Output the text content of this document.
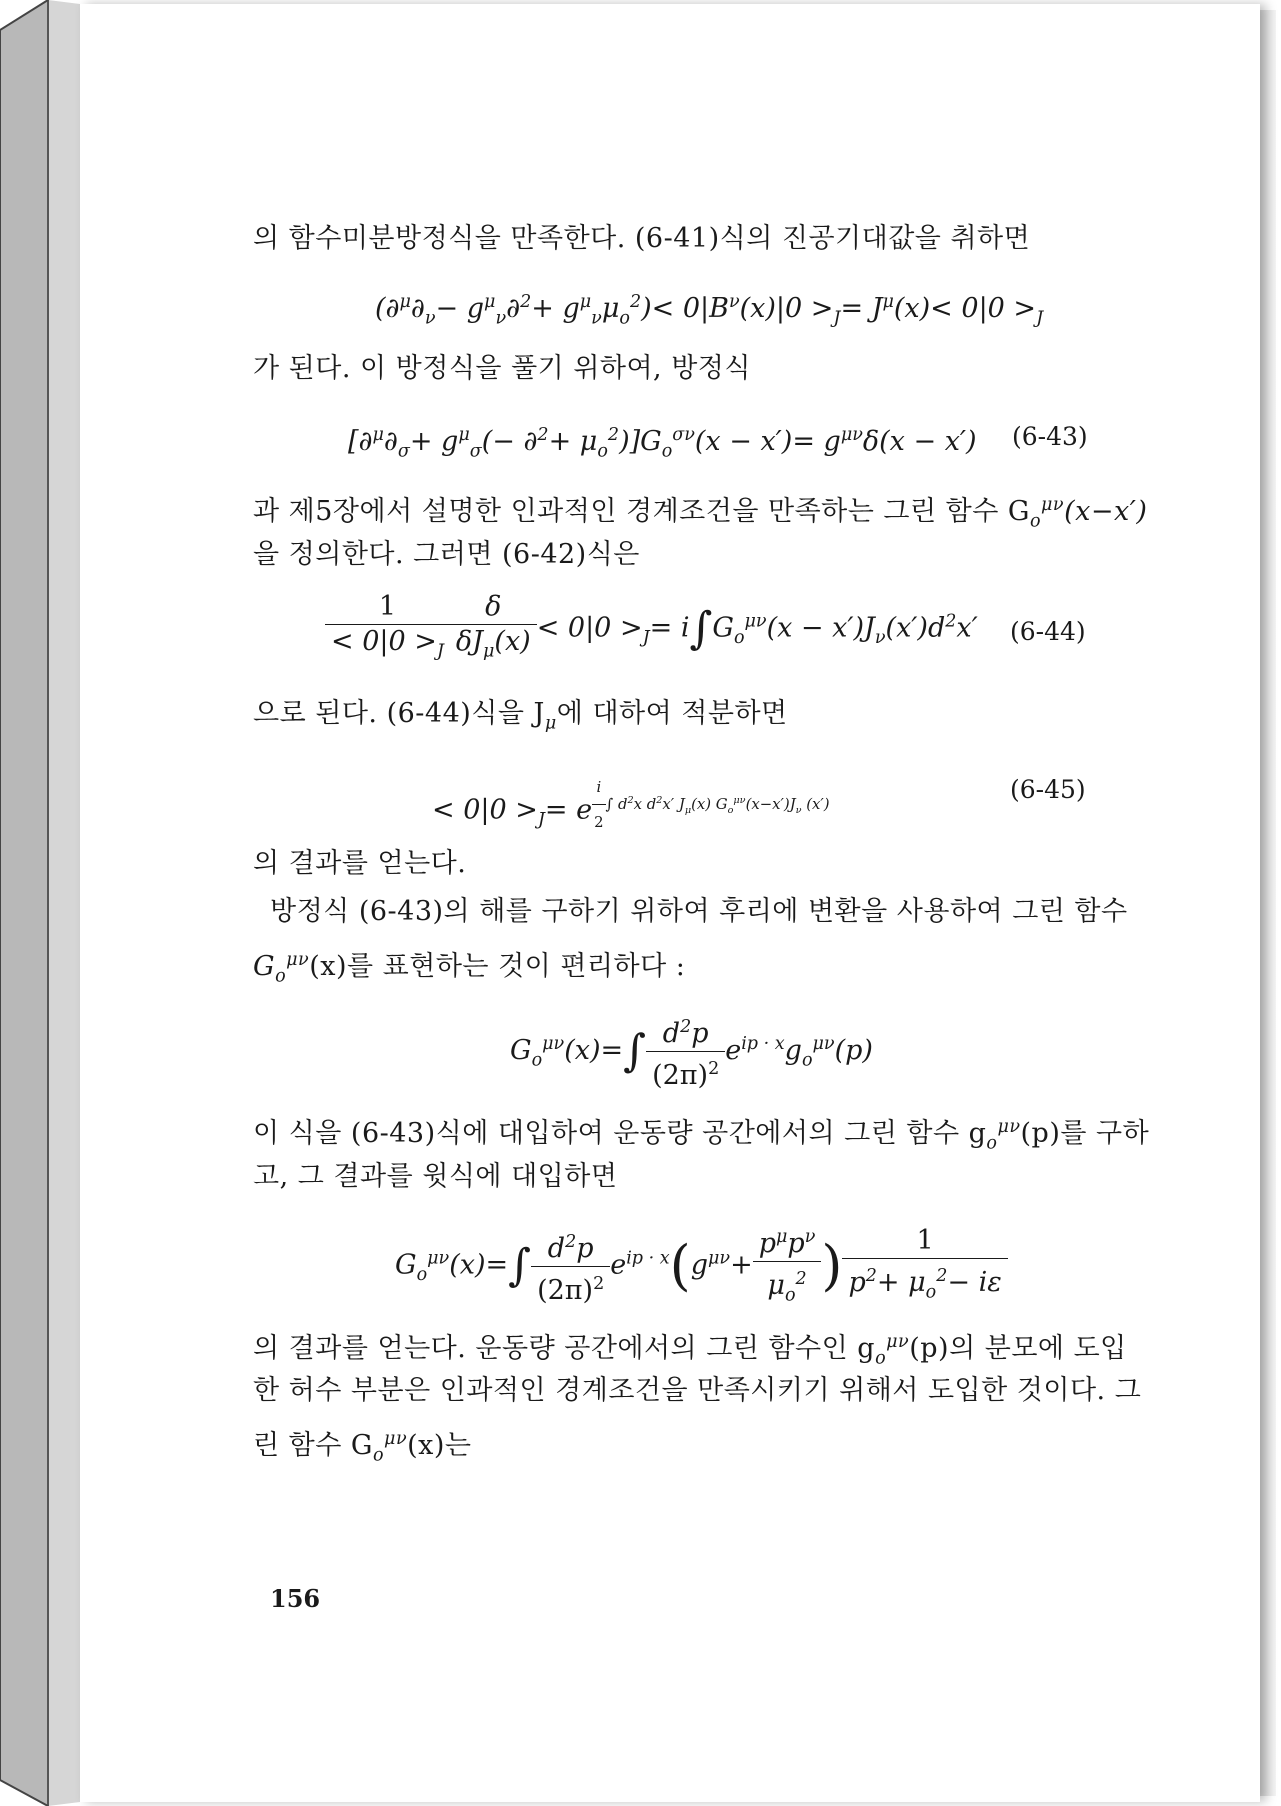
의 함수미분방정식을 만족한다. (6-41)식의 진공기대값을 취하면
$(\partial^\mu\partial_\nu- g^\mu_\nu\partial^2+ g^\mu_\nu\mu_o^2)< 0|B^\nu(x)|0 >_J= J^\mu(x)< 0|0 >_J$
가 된다. 이 방정식을 풀기 위하여, 방정식
$[\partial^\mu\partial_\sigma+ g^\mu_\sigma(- \partial^2+ \mu_o^2)]G_o^{\sigma\nu}(x - x')= g^{\mu\nu}\delta(x - x')$ (6-43)
과 제5장에서 설명한 인과적인 경계조건을 만족하는 그린 함수 $G_o^{\mu\nu}(x-x')$
을 정의한다. 그러면 (6-42)식은
$\frac{1}{< 0|0 >_J} \frac{\delta}{\delta J_\mu(x)} < 0|0 >_J= i\int G_o^{\mu\nu}(x - x')J_\nu(x')d^2x'$ (6-44)
으로 된다. (6-44)식을 $J_\mu$에 대하여 적분하면
< $0|0 >_J= e$ $^{\frac{i}{2} \int d^2x d^2x' J_\mu(x) G_o^{\mu\nu}(x-x')J_\nu (x')}$	(6-45)
의 결과를 얻는다.
방정식 (6-43)의 해를 구하기 위하여 후리에 변환을 사용하여 그린 함수
$G_o^{\mu\nu}(x)$를 표현하는 것이 편리하다 :
$G_o^{\mu\nu}(x)=\int \frac{d^2p}{(2\pi)^2} e^{ip \cdot x}g_o^{\mu\nu}(p)$
이 식을 (6-43)식에 대입하여 운동량 공간에서의 그린 함수 $g_o^{\mu\nu}(p)$를 구하
고, 그 결과를 윗식에 대입하면
$G_o^{\mu\nu}(x)=\int \frac{d^2p}{(2\pi)^2} e^{ip \cdot x}(g^{\mu\nu}+ \frac{p^\mu p^\nu}{\mu_o^2}$ ) $\frac{1}{p^2+ \mu_o^2- i\varepsilon}$
의 결과를 얻는다. 운동량 공간에서의 그린 함수인 $g_o^{\mu\nu}(p)$의 분모에 도입
한 허수 부분은 인과적인 경계조건을 만족시키기 위해서 도입한 것이다. 그
린 함수 $G_o^{\mu\nu}(x)$는
156
